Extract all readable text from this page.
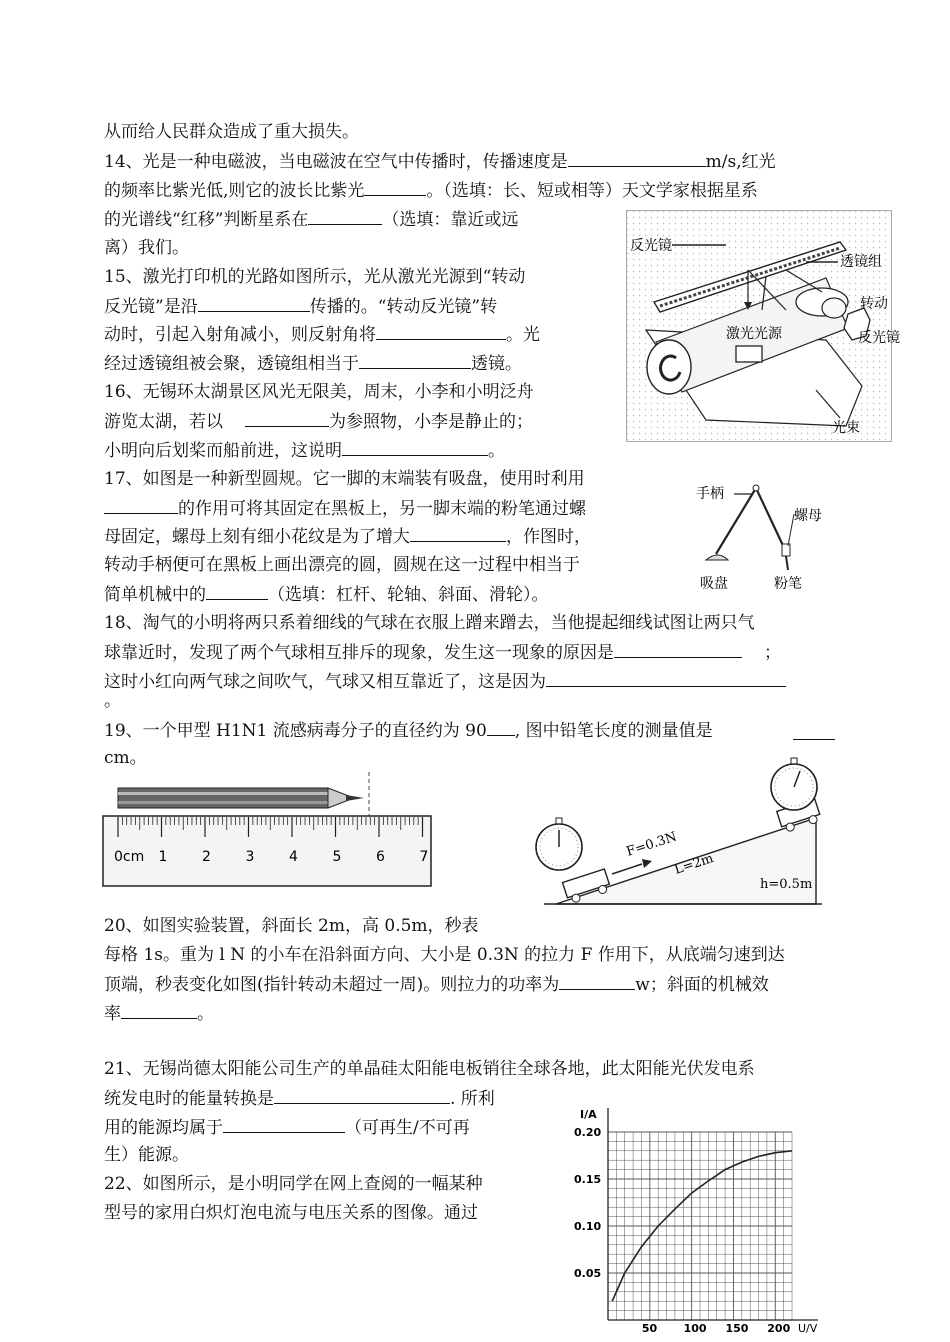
从而给人民群众造成了重大损失。
14、光是一种电磁波，当电磁波在空气中传播时，传播速度是	m/s,红光
的频率比紫光低,则它的波长比紫光	。（选填：长、短或相等）天文学家根据星系
的光谱线“红移”判断星系在	（选填：靠近或远
离）我们。
15、激光打印机的光路如图所示，光从激光光源到“转动
反光镜”是沿	传播的。“转动反光镜”转
动时，引起入射角减小，则反射角将	。光
经过透镜组被会聚，透镜组相当于	透镜。
16、无锡环太湖景区风光无限美，周末，小李和小明泛舟
游览太湖，若以	为参照物，小李是静止的；
小明向后划桨而船前进，这说明	。
17、如图是一种新型圆规。它一脚的末端装有吸盘，使用时利用
的作用可将其固定在黑板上，另一脚末端的粉笔通过螺
母固定，螺母上刻有细小花纹是为了增大	，作图时，
转动手柄便可在黑板上画出漂亮的圆，圆规在这一过程中相当于
简单机械中的	（选填：杠杆、轮轴、斜面、滑轮）。
18、淘气的小明将两只系着细线的气球在衣服上蹭来蹭去，当他提起细线试图让两只气
球靠近时，发现了两个气球相互排斥的现象，发生这一现象的原因是	；
这时小红向两气球之间吹气，气球又相互靠近了，这是因为
。
19、一个甲型 H1N1 流感病毒分子的直径约为 90 , 图中铅笔长度的测量值是
cm。
20、如图实验装置，斜面长 2m，高 0.5m，秒表
每格 1s。重为 l N 的小车在沿斜面方向、大小是 0.3N 的拉力 F 作用下，从底端匀速到达
顶端，秒表变化如图(指针转动未超过一周)。则拉力的功率为	w；斜面的机械效
率	。
21、无锡尚德太阳能公司生产的单晶硅太阳能电板销往全球各地，此太阳能光伏发电系
统发电时的能量转换是	. 所利
用的能源均属于	（可再生/不可再
生）能源。
22、如图所示，是小明同学在网上查阅的一幅某种
型号的家用白炽灯泡电流与电压关系的图像。通过
反光镜
透镜组
转动
反光镜
激光光源
光束
手柄
螺母
吸盘	粉笔
0cm 1 2 3 4 5 6 7	F=0.3N
L=2m
h=0.5m
I/A
U/V
50 100 150 200
0.05
0.10
0.15
0.20
